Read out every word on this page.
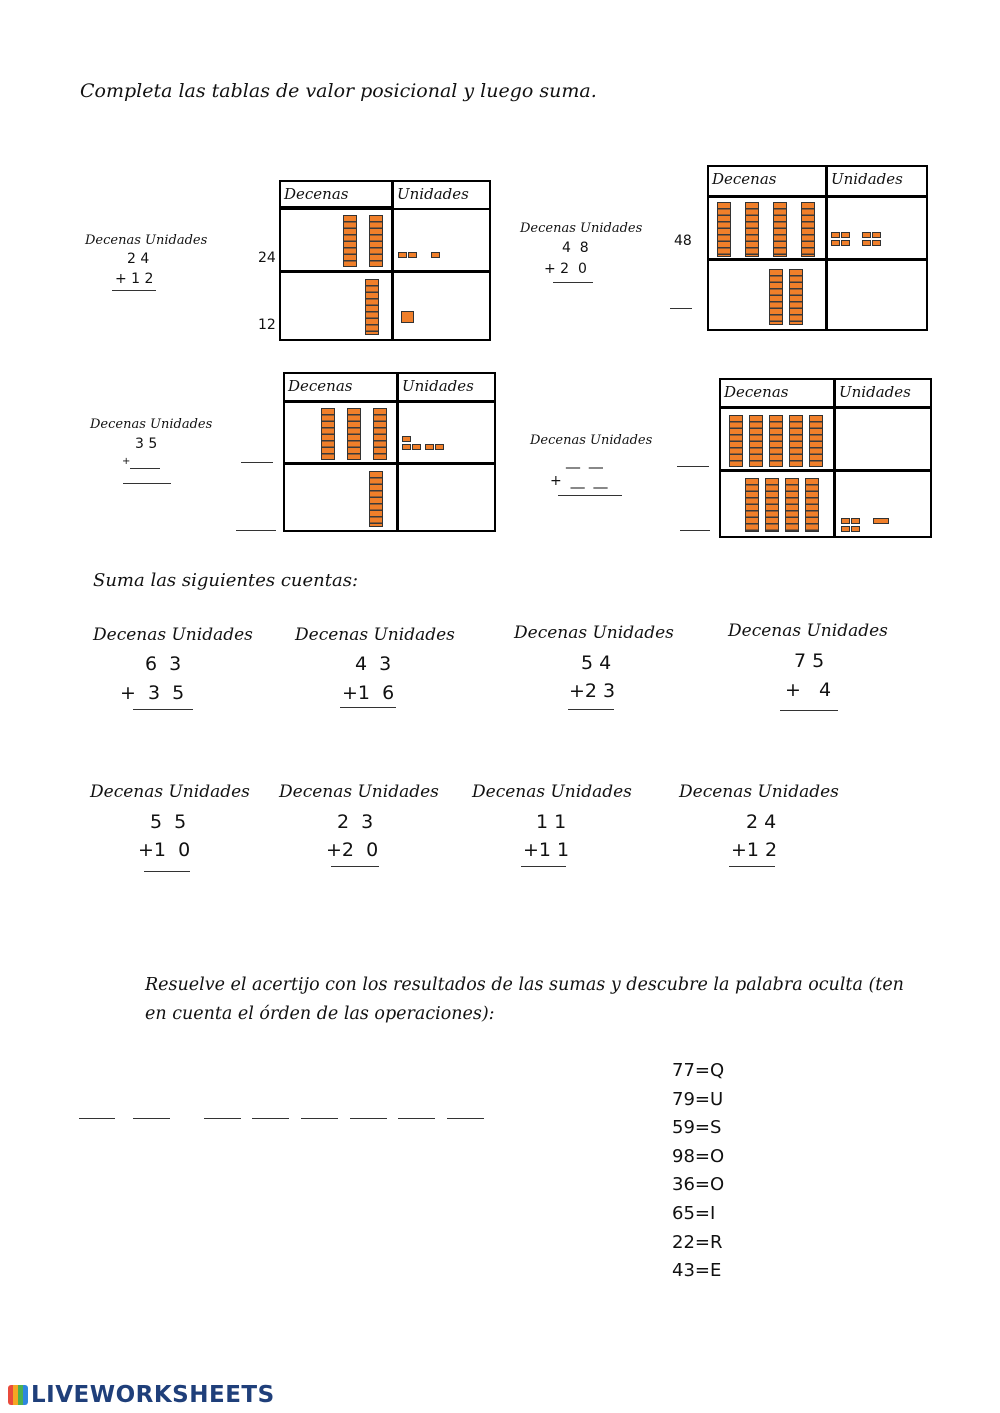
Completa las tablas de valor posicional y luego suma.
Decenas Unidades
2 4
+ 1 2
24
12
Decenas	Unidades
Decenas Unidades
4  8
+ 2  0
48
Decenas	Unidades
Decenas Unidades
3 5
+
Decenas	Unidades
Decenas Unidades
__  __
+  __  __
Decenas	Unidades
Suma las siguientes cuentas:
Decenas Unidades
6  3
+  3  5
Decenas Unidades
4  3
+1  6
Decenas Unidades
5 4
+2 3
Decenas Unidades
7 5
+   4
Decenas Unidades
5  5
+1  0
Decenas Unidades
2  3
+2  0
Decenas Unidades
1 1
+1 1
Decenas Unidades
2 4
+1 2
Resuelve el acertijo con los resultados de las sumas y descubre la palabra oculta (ten
en cuenta el órden de las operaciones):
77=Q
79=U
59=S
98=O
36=O
65=I
22=R
43=E
LIVEWORKSHEETS
